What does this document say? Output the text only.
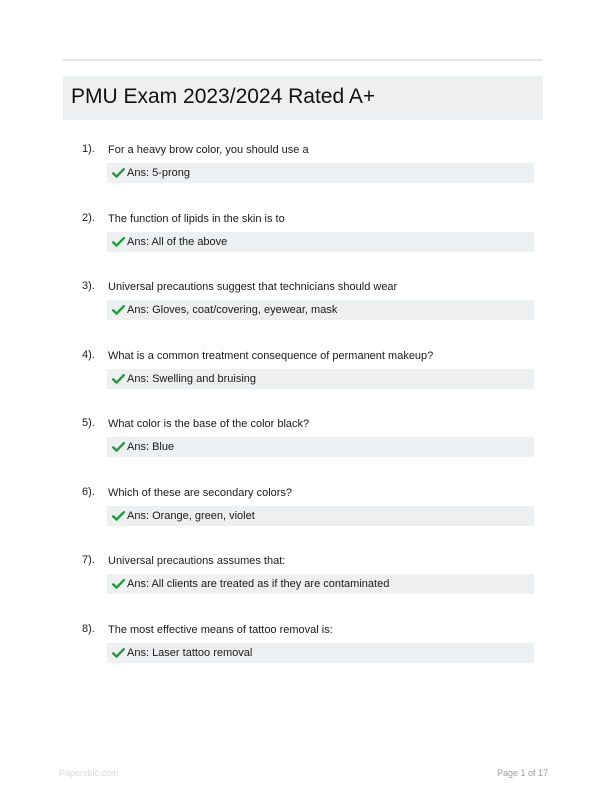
PMU Exam 2023/2024 Rated A+
1). For a heavy brow color, you should use a
Ans: 5-prong
2). The function of lipids in the skin is to
Ans: All of the above
3). Universal precautions suggest that technicians should wear
Ans: Gloves, coat/covering, eyewear, mask
4). What is a common treatment consequence of permanent makeup?
Ans: Swelling and bruising
5). What color is the base of the color black?
Ans: Blue
6). Which of these are secondary colors?
Ans: Orange, green, violet
7). Universal precautions assumes that:
Ans: All clients are treated as if they are contaminated
8). The most effective means of tattoo removal is:
Ans: Laser tattoo removal
Papersbic.com	Page 1 of 17
